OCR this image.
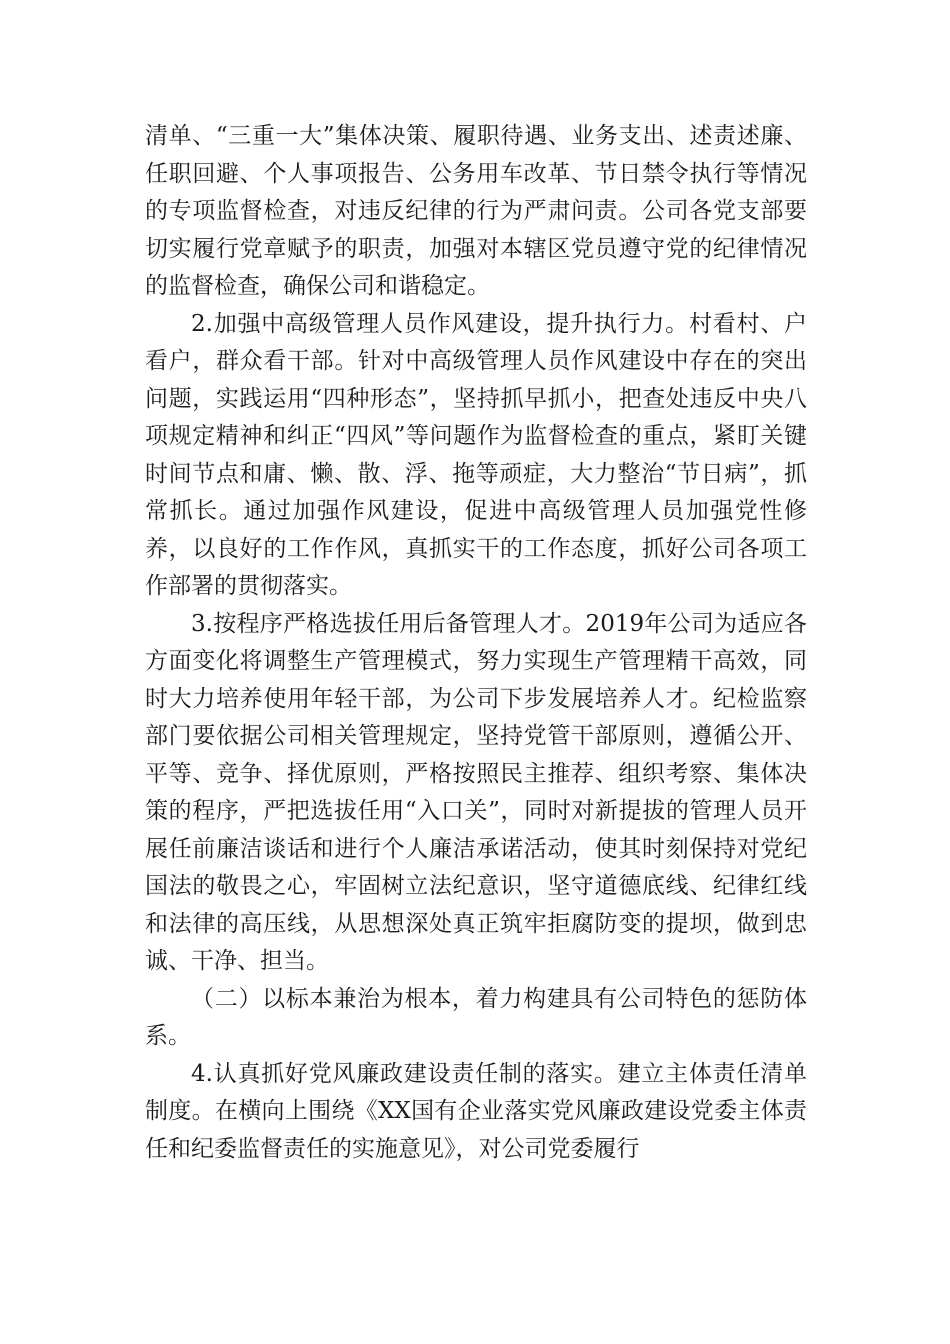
清单、“三重一大”集体决策、履职待遇、业务支出、述责述廉、任职回避、个人事项报告、公务用车改革、节日禁令执行等情况的专项监督检查，对违反纪律的行为严肃问责。公司各党支部要切实履行党章赋予的职责，加强对本辖区党员遵守党的纪律情况的监督检查，确保公司和谐稳定。

2.加强中高级管理人员作风建设，提升执行力。村看村、户看户，群众看干部。针对中高级管理人员作风建设中存在的突出问题，实践运用“四种形态”，坚持抓早抓小，把查处违反中央八项规定精神和纠正“四风”等问题作为监督检查的重点，紧盯关键时间节点和庸、懒、散、浮、拖等顽症，大力整治“节日病”，抓常抓长。通过加强作风建设，促进中高级管理人员加强党性修养，以良好的工作作风，真抓实干的工作态度，抓好公司各项工作部署的贯彻落实。

3.按程序严格选拔任用后备管理人才。2019年公司为适应各方面变化将调整生产管理模式，努力实现生产管理精干高效，同时大力培养使用年轻干部，为公司下步发展培养人才。纪检监察部门要依据公司相关管理规定，坚持党管干部原则，遵循公开、平等、竞争、择优原则，严格按照民主推荐、组织考察、集体决策的程序，严把选拔任用“入口关”，同时对新提拔的管理人员开展任前廉洁谈话和进行个人廉洁承诺活动，使其时刻保持对党纪国法的敬畏之心，牢固树立法纪意识，坚守道德底线、纪律红线和法律的高压线，从思想深处真正筑牢拒腐防变的提坝，做到忠诚、干净、担当。

（二）以标本兼治为根本，着力构建具有公司特色的惩防体系。

4.认真抓好党风廉政建设责任制的落实。建立主体责任清单制度。在横向上围绕《XX国有企业落实党风廉政建设党委主体责任和纪委监督责任的实施意见》，对公司党委履行
